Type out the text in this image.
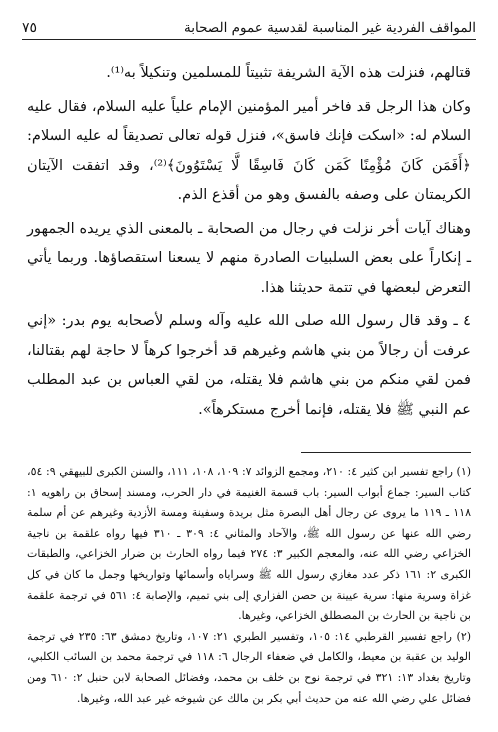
المواقف الفردية غير المناسبة لقدسية عموم الصحابة
٧٥

قتالهم، فنزلت هذه الآية الشريفة تثبيتاً للمسلمين وتنكيلاً به⁽¹⁾.

وكان هذا الرجل قد فاخر أمير المؤمنين الإمام علياً عليه السلام، فقال عليه السلام له: «اسكت فإنك فاسق»، فنزل قوله تعالى تصديقاً له عليه السلام: ﴿أَفَمَن كَانَ مُؤْمِنًا كَمَن كَانَ فَاسِقًا لَّا يَسْتَوُونَ﴾⁽²⁾، وقد اتفقت الآيتان الكريمتان على وصفه بالفسق وهو من أقذع الذم.

وهناك آيات أخر نزلت في رجال من الصحابة ـ بالمعنى الذي يريده الجمهور ـ إنكاراً على بعض السلبيات الصادرة منهم لا يسعنا استقصاؤها. وربما يأتي التعرض لبعضها في تتمة حديثنا هذا.

٤ ـ وقد قال رسول الله صلى الله عليه وآله وسلم لأصحابه يوم بدر: «إني عرفت أن رجالاً من بني هاشم وغيرهم قد أخرجوا كرهاً لا حاجة لهم بقتالنا، فمن لقي منكم من بني هاشم فلا يقتله، من لقي العباس بن عبد المطلب عم النبي ﷺ فلا يقتله، فإنما أخرج مستكرهاً».

(١) راجع تفسير ابن كثير ٤: ٢١٠، ومجمع الزوائد ٧: ١٠٩، ١٠٨، ١١١، والسنن الكبرى للبيهقي ٩: ٥٤، كتاب السير: جماع أبواب السير: باب قسمة الغنيمة في دار الحرب، ومسند إسحاق بن راهويه ١: ١١٨ ـ ١١٩ ما يروى عن رجال أهل البصرة مثل بريدة وسفينة ومسة الأزدية وغيرهم عن أم سلمة رضي الله عنها عن رسول الله ﷺ، والآحاد والمثاني ٤: ٣٠٩ ـ ٣١٠ فيها رواه علقمة بن ناجية الخزاعي رضي الله عنه، والمعجم الكبير ٣: ٢٧٤ فيما رواه الحارث بن ضرار الخزاعي، والطبقات الكبرى ٢: ١٦١ ذكر عدد مغازي رسول الله ﷺ وسراياه وأسمائها وتواريخها وجمل ما كان في كل غزاة وسرية منها: سرية عيينة بن حصن الفزاري إلى بني تميم، والإصابة ٤: ٥٦١ في ترجمة علقمة بن ناجية بن الحارث بن المصطلق الخزاعي، وغيرها.

(٢) راجع تفسير القرطبي ١٤: ١٠٥، وتفسير الطبري ٢١: ١٠٧، وتاريخ دمشق ٦٣: ٢٣٥ في ترجمة الوليد بن عقبة بن معيط، والكامل في ضعفاء الرجال ٦: ١١٨ في ترجمة محمد بن السائب الكلبي، وتاريخ بغداد ١٣: ٣٢١ في ترجمة نوح بن خلف بن محمد، وفضائل الصحابة لابن حنبل ٢: ٦١٠ ومن فضائل علي رضي الله عنه من حديث أبي بكر بن مالك عن شيوخه غير عبد الله، وغيرها.
